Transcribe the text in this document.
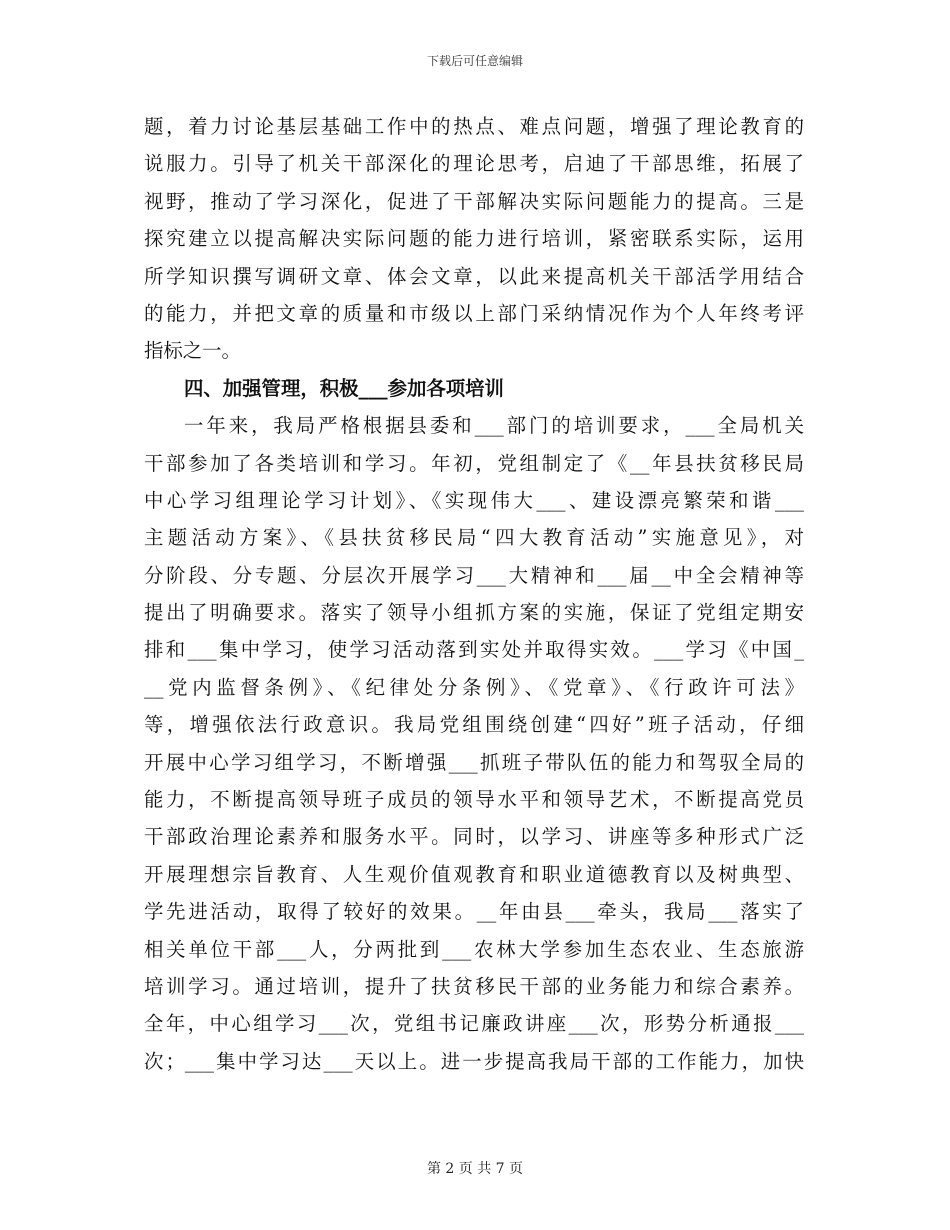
下载后可任意编辑
题，着力讨论基层基础工作中的热点、难点问题，增强了理论教育的
说服力。引导了机关干部深化的理论思考，启迪了干部思维，拓展了
视野，推动了学习深化，促进了干部解决实际问题能力的提高。三是
探究建立以提高解决实际问题的能力进行培训，紧密联系实际，运用
所学知识撰写调研文章、体会文章，以此来提高机关干部活学用结合
的能力，并把文章的质量和市级以上部门采纳情况作为个人年终考评
指标之一。
四、加强管理，积极___参加各项培训
一年来，我局严格根据县委和___部门的培训要求，___全局机关
干部参加了各类培训和学习。年初，党组制定了《__年县扶贫移民局
中心学习组理论学习计划》、《实现伟大___、建设漂亮繁荣和谐___
主题活动方案》、《县扶贫移民局“四大教育活动”实施意见》，对
分阶段、分专题、分层次开展学习___大精神和___届__中全会精神等
提出了明确要求。落实了领导小组抓方案的实施，保证了党组定期安
排和___集中学习，使学习活动落到实处并取得实效。___学习《中国_
__党内监督条例》、《纪律处分条例》、《党章》、《行政许可法》
等，增强依法行政意识。我局党组围绕创建“四好”班子活动，仔细
开展中心学习组学习，不断增强___抓班子带队伍的能力和驾驭全局的
能力，不断提高领导班子成员的领导水平和领导艺术，不断提高党员
干部政治理论素养和服务水平。同时，以学习、讲座等多种形式广泛
开展理想宗旨教育、人生观价值观教育和职业道德教育以及树典型、
学先进活动，取得了较好的效果。__年由县___牵头，我局___落实了
相关单位干部___人，分两批到___农林大学参加生态农业、生态旅游
培训学习。通过培训，提升了扶贫移民干部的业务能力和综合素养。
全年，中心组学习___次，党组书记廉政讲座___次，形势分析通报___
次；___集中学习达___天以上。进一步提高我局干部的工作能力，加快
第 2 页 共 7 页
